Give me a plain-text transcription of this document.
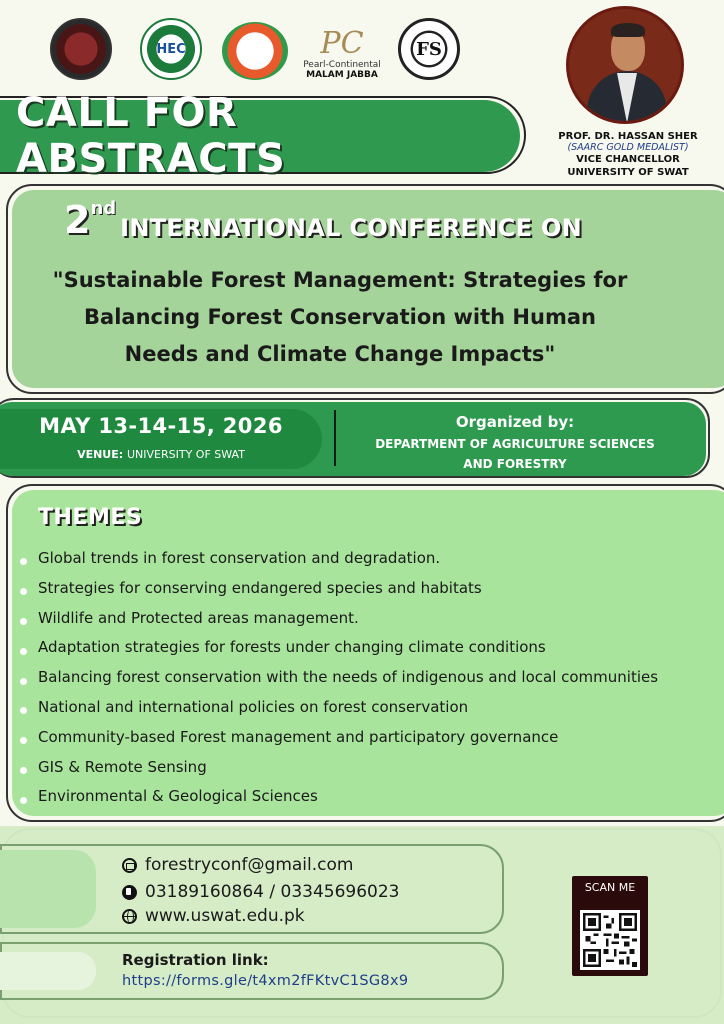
HEC	PC
Pearl-Continental
MALAM JABBA
FS
PROF. DR. HASSAN SHER
(SAARC GOLD MEDALIST)
VICE CHANCELLOR
UNIVERSITY OF SWAT
CALL FOR ABSTRACTS
2 nd
INTERNATIONAL CONFERENCE ON
"Sustainable Forest Management: Strategies for
Balancing Forest Conservation with Human
Needs and Climate Change Impacts"
MAY 13-14-15, 2026
VENUE: UNIVERSITY OF SWAT
Organized by:
DEPARTMENT OF AGRICULTURE SCIENCES
AND FORESTRY
THEMES
Global trends in forest conservation and degradation.
Strategies for conserving endangered species and habitats
Wildlife and Protected areas management.
Adaptation strategies for forests under changing climate conditions
Balancing forest conservation with the needs of indigenous and local communities
National and international policies on forest conservation
Community-based Forest management and participatory governance
GIS & Remote Sensing
Environmental & Geological Sciences
forestryconf@gmail.com
03189160864 / 03345696023
www.uswat.edu.pk
Registration link:
https://forms.gle/t4xm2fFKtvC1SG8x9
SCAN ME
